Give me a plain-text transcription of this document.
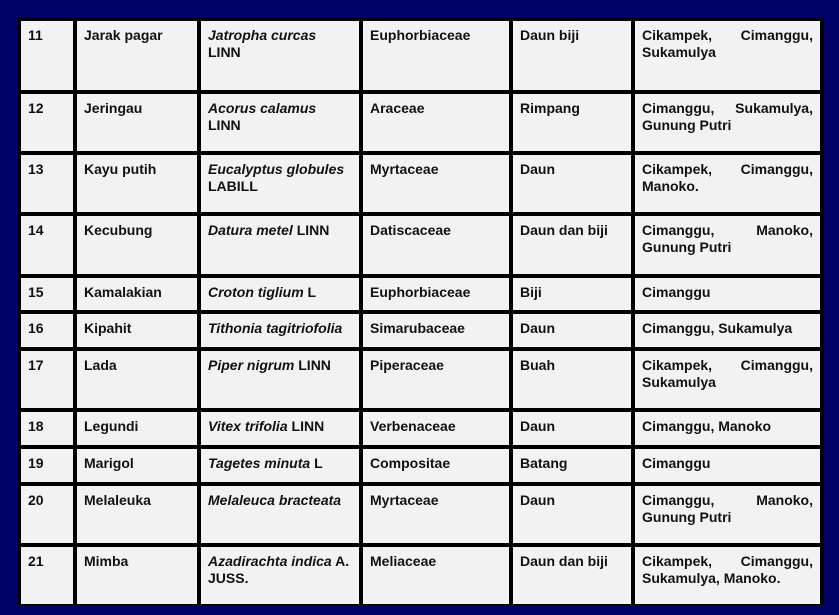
11	Jarak pagar	Jatropha curcas LINN	Euphorbiaceae	Daun biji	Cikampek, Cimanggu, Sukamulya
12	Jeringau	Acorus calamus LINN	Araceae	Rimpang	Cimanggu, Sukamulya, Gunung Putri
13	Kayu putih	Eucalyptus globules LABILL	Myrtaceae	Daun	Cikampek, Cimanggu, Manoko.
14	Kecubung	Datura metel LINN	Datiscaceae	Daun dan biji	Cimanggu, Manoko, Gunung Putri
15	Kamalakian	Croton tiglium L	Euphorbiaceae	Biji	Cimanggu
16	Kipahit	Tithonia tagitriofolia	Simarubaceae	Daun	Cimanggu, Sukamulya
17	Lada	Piper nigrum LINN	Piperaceae	Buah	Cikampek, Cimanggu, Sukamulya
18	Legundi	Vitex trifolia LINN	Verbenaceae	Daun	Cimanggu, Manoko
19	Marigol	Tagetes minuta L	Compositae	Batang	Cimanggu
20	Melaleuka	Melaleuca bracteata	Myrtaceae	Daun	Cimanggu, Manoko, Gunung Putri
21	Mimba	Azadirachta indica A. JUSS.	Meliaceae	Daun dan biji	Cikampek, Cimanggu, Sukamulya, Manoko.
